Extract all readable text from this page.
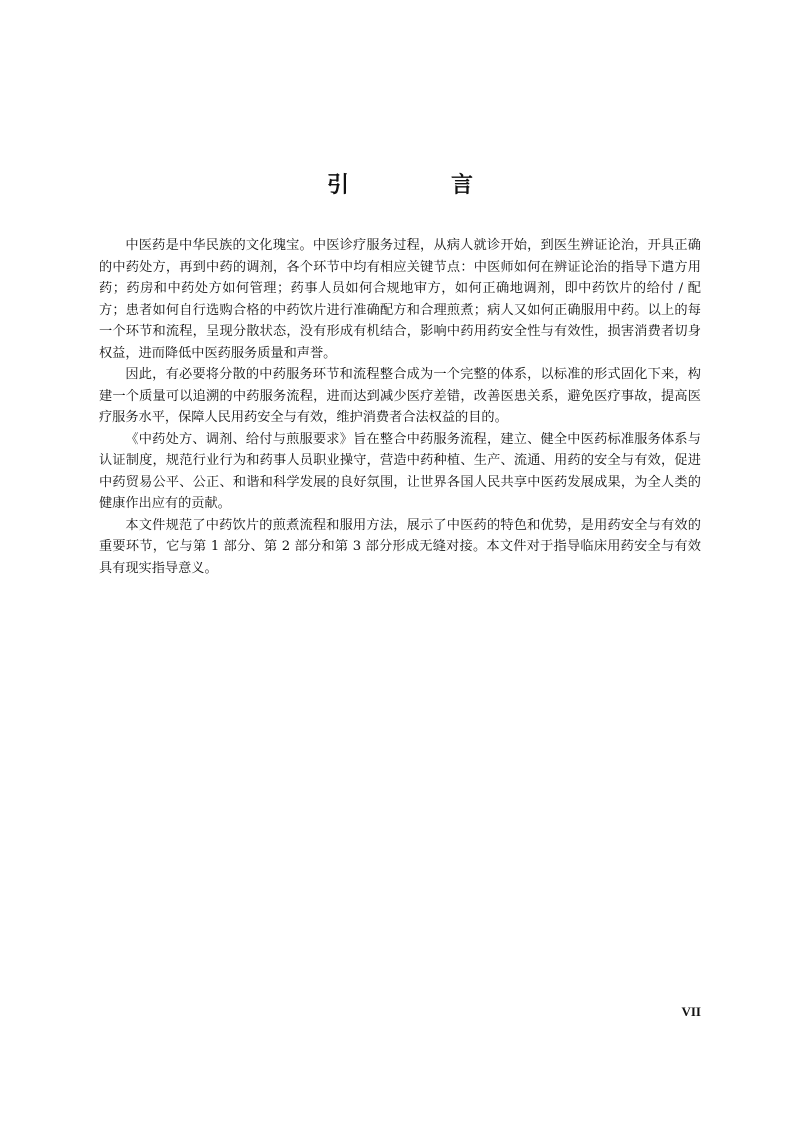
引　言

中医药是中华民族的文化瑰宝。中医诊疗服务过程，从病人就诊开始，到医生辨证论治，开具正确的中药处方，再到中药的调剂，各个环节中均有相应关键节点：中医师如何在辨证论治的指导下遣方用药；药房和中药处方如何管理；药事人员如何合规地审方，如何正确地调剂，即中药饮片的给付 / 配方；患者如何自行选购合格的中药饮片进行准确配方和合理煎煮；病人又如何正确服用中药。以上的每一个环节和流程，呈现分散状态，没有形成有机结合，影响中药用药安全性与有效性，损害消费者切身权益，进而降低中医药服务质量和声誉。

因此，有必要将分散的中药服务环节和流程整合成为一个完整的体系，以标准的形式固化下来，构建一个质量可以追溯的中药服务流程，进而达到减少医疗差错，改善医患关系，避免医疗事故，提高医疗服务水平，保障人民用药安全与有效，维护消费者合法权益的目的。

《中药处方、调剂、给付与煎服要求》旨在整合中药服务流程，建立、健全中医药标准服务体系与认证制度，规范行业行为和药事人员职业操守，营造中药种植、生产、流通、用药的安全与有效，促进中药贸易公平、公正、和谐和科学发展的良好氛围，让世界各国人民共享中医药发展成果，为全人类的健康作出应有的贡献。

本文件规范了中药饮片的煎煮流程和服用方法，展示了中医药的特色和优势，是用药安全与有效的重要环节，它与第 1 部分、第 2 部分和第 3 部分形成无缝对接。本文件对于指导临床用药安全与有效具有现实指导意义。

VII
